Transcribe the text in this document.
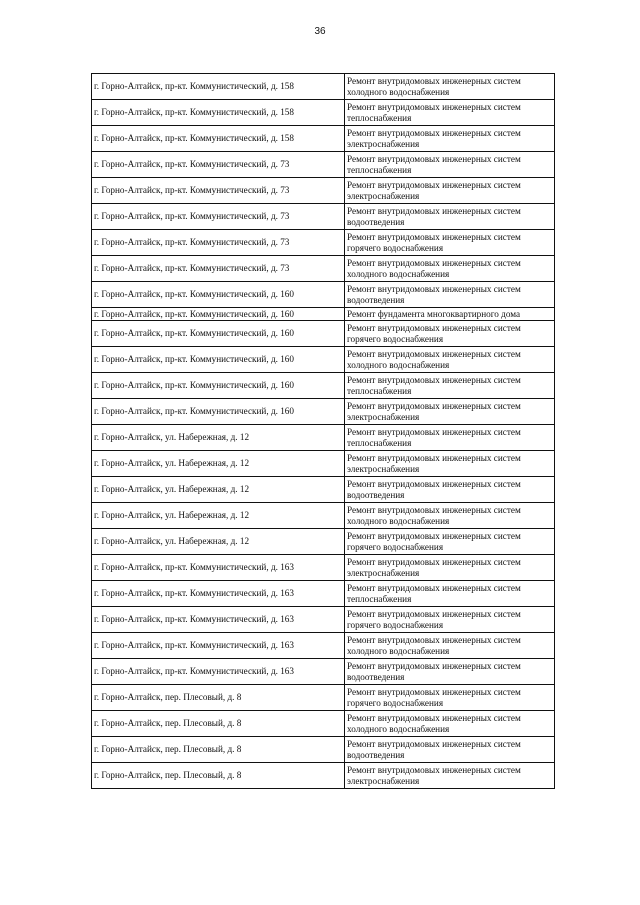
36
г. Горно-Алтайск, пр-кт. Коммунистический, д. 158	Ремонт внутридомовых инженерных систем холодного водоснабжения
г. Горно-Алтайск, пр-кт. Коммунистический, д. 158	Ремонт внутридомовых инженерных систем теплоснабжения
г. Горно-Алтайск, пр-кт. Коммунистический, д. 158	Ремонт внутридомовых инженерных систем электроснабжения
г. Горно-Алтайск, пр-кт. Коммунистический, д. 73	Ремонт внутридомовых инженерных систем теплоснабжения
г. Горно-Алтайск, пр-кт. Коммунистический, д. 73	Ремонт внутридомовых инженерных систем электроснабжения
г. Горно-Алтайск, пр-кт. Коммунистический, д. 73	Ремонт внутридомовых инженерных систем водоотведения
г. Горно-Алтайск, пр-кт. Коммунистический, д. 73	Ремонт внутридомовых инженерных систем горячего водоснабжения
г. Горно-Алтайск, пр-кт. Коммунистический, д. 73	Ремонт внутридомовых инженерных систем холодного водоснабжения
г. Горно-Алтайск, пр-кт. Коммунистический, д. 160	Ремонт внутридомовых инженерных систем водоотведения
г. Горно-Алтайск, пр-кт. Коммунистический, д. 160	Ремонт фундамента многоквартирного дома
г. Горно-Алтайск, пр-кт. Коммунистический, д. 160	Ремонт внутридомовых инженерных систем горячего водоснабжения
г. Горно-Алтайск, пр-кт. Коммунистический, д. 160	Ремонт внутридомовых инженерных систем холодного водоснабжения
г. Горно-Алтайск, пр-кт. Коммунистический, д. 160	Ремонт внутридомовых инженерных систем теплоснабжения
г. Горно-Алтайск, пр-кт. Коммунистический, д. 160	Ремонт внутридомовых инженерных систем электроснабжения
г. Горно-Алтайск, ул. Набережная, д. 12	Ремонт внутридомовых инженерных систем теплоснабжения
г. Горно-Алтайск, ул. Набережная, д. 12	Ремонт внутридомовых инженерных систем электроснабжения
г. Горно-Алтайск, ул. Набережная, д. 12	Ремонт внутридомовых инженерных систем водоотведения
г. Горно-Алтайск, ул. Набережная, д. 12	Ремонт внутридомовых инженерных систем холодного водоснабжения
г. Горно-Алтайск, ул. Набережная, д. 12	Ремонт внутридомовых инженерных систем горячего водоснабжения
г. Горно-Алтайск, пр-кт. Коммунистический, д. 163	Ремонт внутридомовых инженерных систем электроснабжения
г. Горно-Алтайск, пр-кт. Коммунистический, д. 163	Ремонт внутридомовых инженерных систем теплоснабжения
г. Горно-Алтайск, пр-кт. Коммунистический, д. 163	Ремонт внутридомовых инженерных систем горячего водоснабжения
г. Горно-Алтайск, пр-кт. Коммунистический, д. 163	Ремонт внутридомовых инженерных систем холодного водоснабжения
г. Горно-Алтайск, пр-кт. Коммунистический, д. 163	Ремонт внутридомовых инженерных систем водоотведения
г. Горно-Алтайск, пер. Плесовый, д. 8	Ремонт внутридомовых инженерных систем горячего водоснабжения
г. Горно-Алтайск, пер. Плесовый, д. 8	Ремонт внутридомовых инженерных систем холодного водоснабжения
г. Горно-Алтайск, пер. Плесовый, д. 8	Ремонт внутридомовых инженерных систем водоотведения
г. Горно-Алтайск, пер. Плесовый, д. 8	Ремонт внутридомовых инженерных систем электроснабжения
